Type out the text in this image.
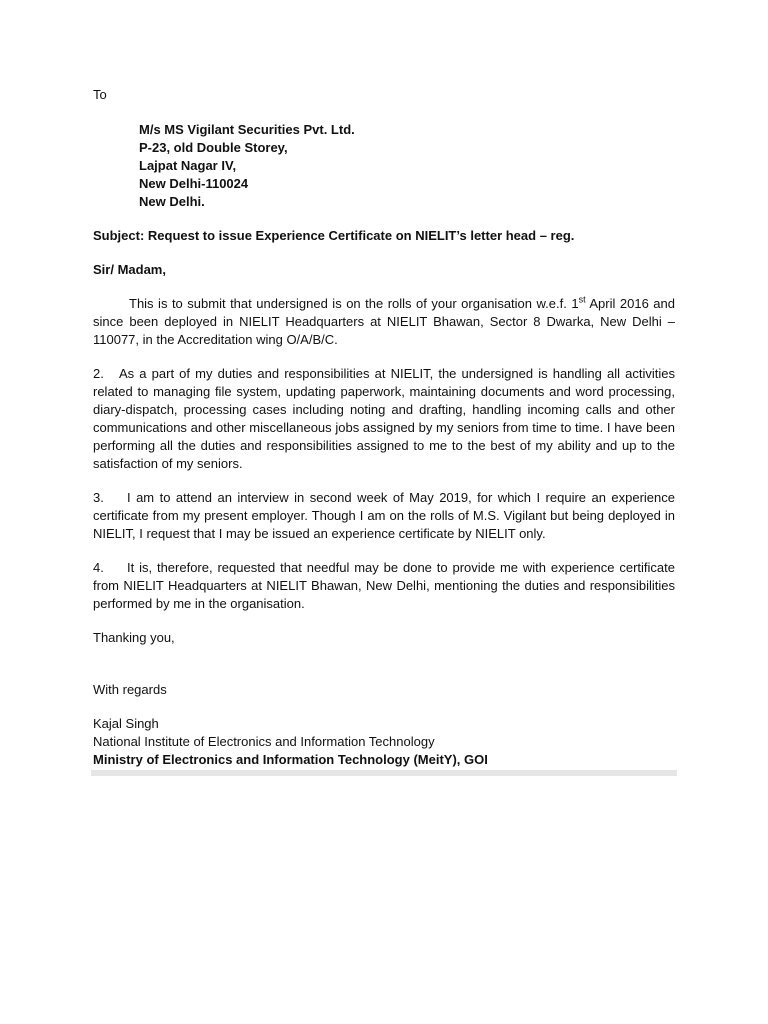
To
M/s MS Vigilant Securities Pvt. Ltd.
P-23, old Double Storey,
Lajpat Nagar IV,
New Delhi-110024
New Delhi.
Subject: Request to issue Experience Certificate on NIELIT’s letter head – reg.
Sir/ Madam,

This is to submit that undersigned is on the rolls of your organisation w.e.f. 1st April 2016 and since been deployed in NIELIT Headquarters at NIELIT Bhawan, Sector 8 Dwarka, New Delhi – 110077, in the Accreditation wing O/A/B/C.

2. As a part of my duties and responsibilities at NIELIT, the undersigned is handling all activities related to managing file system, updating paperwork, maintaining documents and word processing, diary-dispatch, processing cases including noting and drafting, handling incoming calls and other communications and other miscellaneous jobs assigned by my seniors from time to time. I have been performing all the duties and responsibilities assigned to me to the best of my ability and up to the satisfaction of my seniors.

3. I am to attend an interview in second week of May 2019, for which I require an experience certificate from my present employer. Though I am on the rolls of M.S. Vigilant but being deployed in NIELIT, I request that I may be issued an experience certificate by NIELIT only.

4. It is, therefore, requested that needful may be done to provide me with experience certificate from NIELIT Headquarters at NIELIT Bhawan, New Delhi, mentioning the duties and responsibilities performed by me in the organisation.

Thanking you,
With regards
Kajal Singh
National Institute of Electronics and Information Technology
Ministry of Electronics and Information Technology (MeitY), GOI
